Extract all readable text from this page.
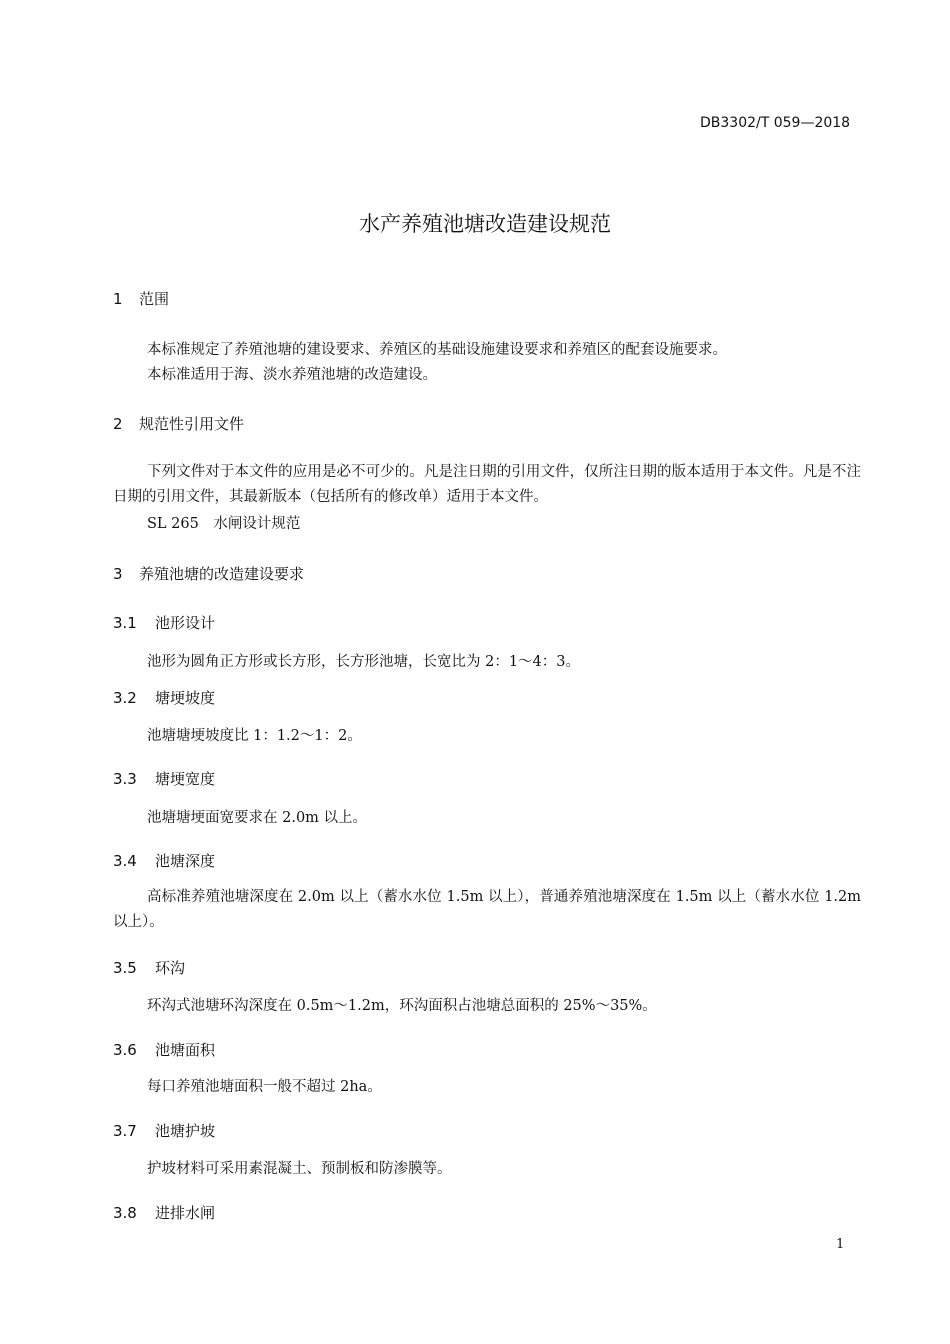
DB3302/T 059—2018
水产养殖池塘改造建设规范
1 范围
本标准规定了养殖池塘的建设要求、养殖区的基础设施建设要求和养殖区的配套设施要求。
本标准适用于海、淡水养殖池塘的改造建设。
2 规范性引用文件
下列文件对于本文件的应用是必不可少的。凡是注日期的引用文件，仅所注日期的版本适用于本文件。凡是不注日期的引用文件，其最新版本（包括所有的修改单）适用于本文件。
SL 265　水闸设计规范
3 养殖池塘的改造建设要求
3.1 池形设计
池形为圆角正方形或长方形，长方形池塘，长宽比为 2：1～4：3。
3.2 塘埂坡度
池塘塘埂坡度比 1：1.2～1：2。
3.3 塘埂宽度
池塘塘埂面宽要求在 2.0m 以上。
3.4 池塘深度
高标准养殖池塘深度在 2.0m 以上（蓄水水位 1.5m 以上），普通养殖池塘深度在 1.5m 以上（蓄水水位 1.2m 以上）。
3.5 环沟
环沟式池塘环沟深度在 0.5m～1.2m，环沟面积占池塘总面积的 25%～35%。
3.6 池塘面积
每口养殖池塘面积一般不超过 2ha。
3.7 池塘护坡
护坡材料可采用素混凝土、预制板和防渗膜等。
3.8 进排水闸
1
